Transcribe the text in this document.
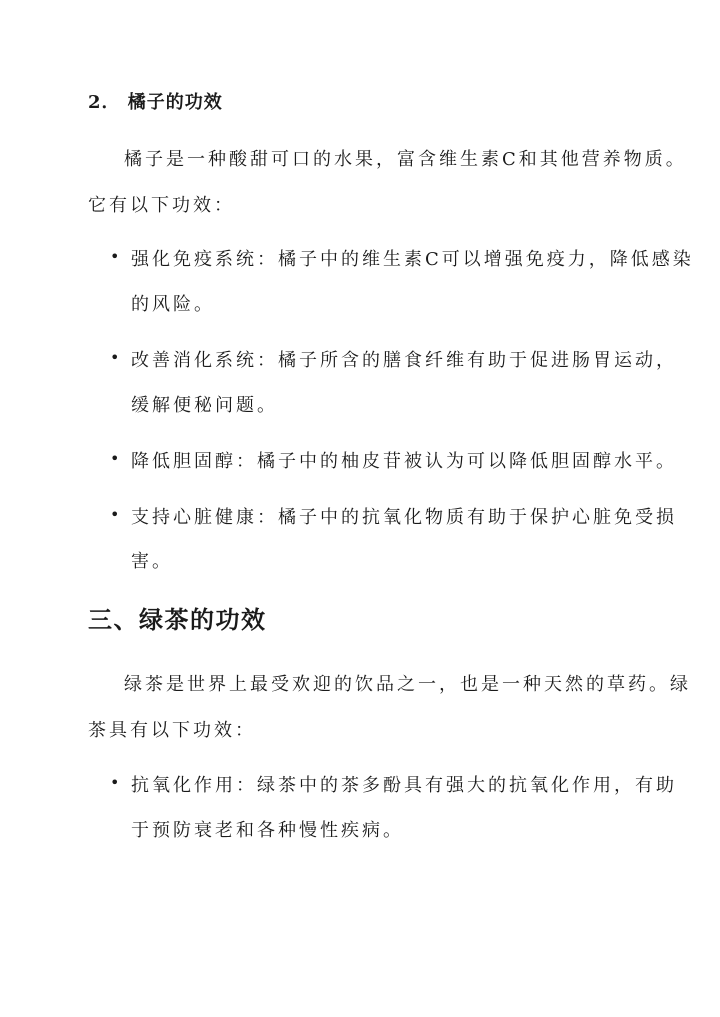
2． 橘子的功效
橘子是一种酸甜可口的水果，富含维生素C和其他营养物质。
它有以下功效：
• 强化免疫系统：橘子中的维生素C可以增强免疫力，降低感染
的风险。
• 改善消化系统：橘子所含的膳食纤维有助于促进肠胃运动，
缓解便秘问题。
• 降低胆固醇：橘子中的柚皮苷被认为可以降低胆固醇水平。
• 支持心脏健康：橘子中的抗氧化物质有助于保护心脏免受损
害。
三、绿茶的功效
绿茶是世界上最受欢迎的饮品之一，也是一种天然的草药。绿
茶具有以下功效：
• 抗氧化作用：绿茶中的茶多酚具有强大的抗氧化作用，有助
于预防衰老和各种慢性疾病。
